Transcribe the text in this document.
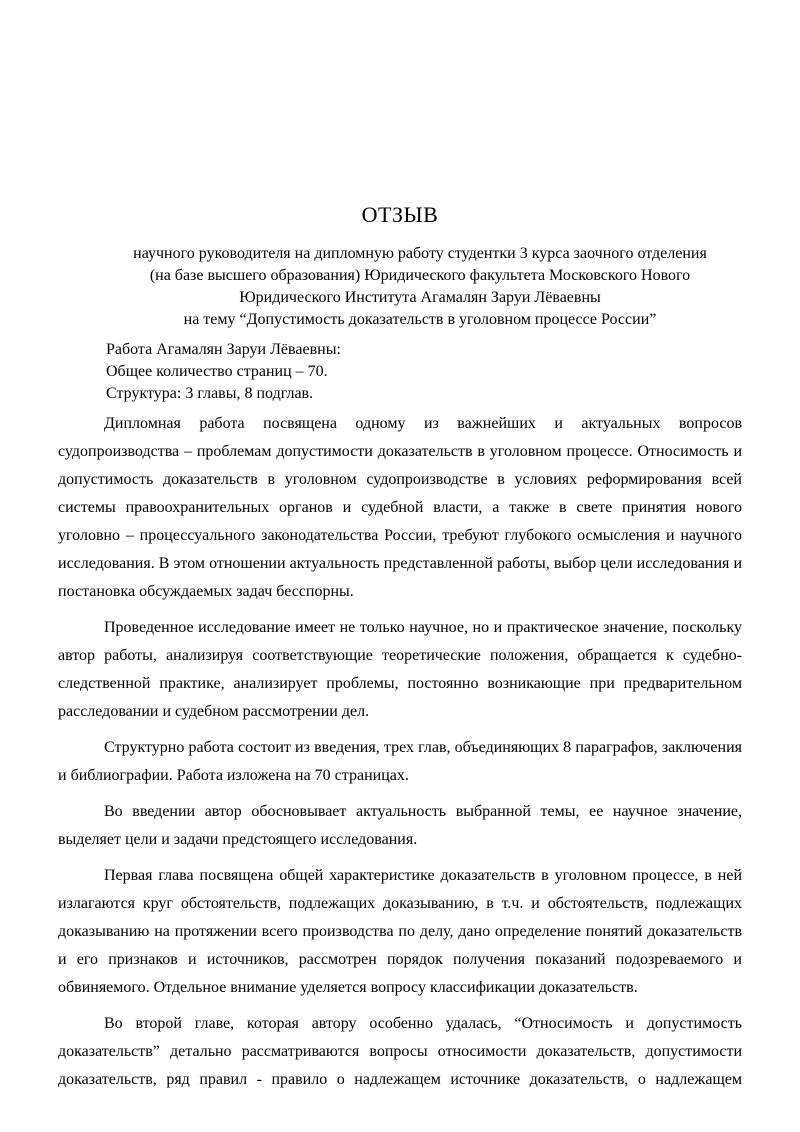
ОТЗЫВ
научного руководителя на дипломную работу студентки 3 курса заочного отделения
(на базе высшего образования) Юридического факультета Московского Нового
Юридического Института Агамалян Заруи Лёваевны
на тему “Допустимость доказательств в уголовном процессе России”
Работа Агамалян Заруи Лёваевны:
Общее количество страниц – 70.
Структура: 3 главы, 8 подглав.

Дипломная работа посвящена одному из важнейших и актуальных вопросов судопроизводства – проблемам допустимости доказательств в уголовном процессе. Относимость и допустимость доказательств в уголовном судопроизводстве в условиях реформирования всей системы правоохранительных органов и судебной власти, а также в свете принятия нового уголовно – процессуального законодательства России, требуют глубокого осмысления и научного исследования. В этом отношении актуальность представленной работы, выбор цели исследования и постановка обсуждаемых задач бесспорны.

Проведенное исследование имеет не только научное, но и практическое значение, поскольку автор работы, анализируя соответствующие теоретические положения, обращается к судебно-следственной практике, анализирует проблемы, постоянно возникающие при предварительном расследовании и судебном рассмотрении дел.

Структурно работа состоит из введения, трех глав, объединяющих 8 параграфов, заключения и библиографии. Работа изложена на 70 страницах.

Во введении автор обосновывает актуальность выбранной темы, ее научное значение, выделяет цели и задачи предстоящего исследования.

Первая глава посвящена общей характеристике доказательств в уголовном процессе, в ней излагаются круг обстоятельств, подлежащих доказыванию, в т.ч. и обстоятельств, подлежащих доказыванию на протяжении всего производства по делу, дано определение понятий доказательств и его признаков и источников, рассмотрен порядок получения показаний подозреваемого и обвиняемого. Отдельное внимание уделяется вопросу классификации доказательств.

Во второй главе, которая автору особенно удалась, “Относимость и допустимость доказательств” детально рассматриваются вопросы относимости доказательств, допустимости доказательств, ряд правил - правило о надлежащем источнике доказательств, о надлежащем
